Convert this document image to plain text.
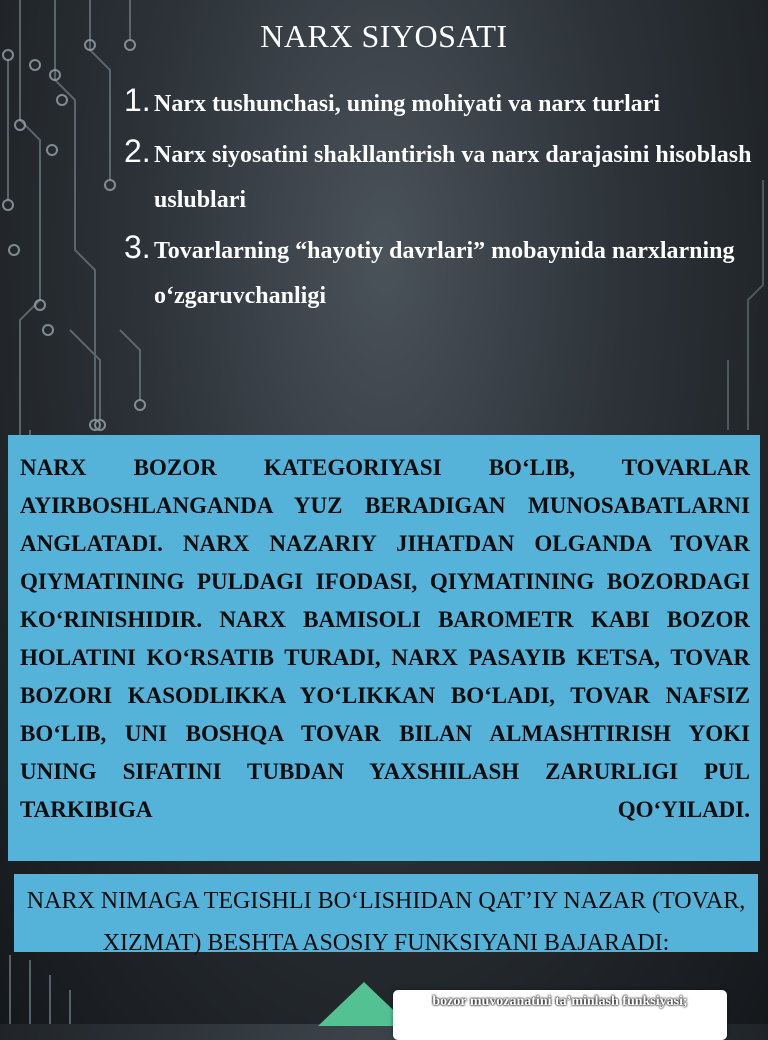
NARX SIYOSATI
1. Narx tushunchasi, uning mohiyati va narx turlari
2. Narx siyosatini shakllantirish va narx darajasini hisoblash uslublari
3. Tovarlarning “hayotiy davrlari” mobaynida narxlarning o‘zgaruvchanligi
NARX BOZOR KATEGORIYASI BO‘LIB, TOVARLAR AYIRBOSHLANGANDA YUZ BERADIGAN MUNOSABATLARNI ANGLATADI. NARX NAZARIY JIHATDAN OLGANDA TOVAR QIYMATINING PULDAGI IFODASI, QIYMATINING BOZORDAGI KO‘RINISHIDIR. NARX BAMISOLI BAROMETR KABI BOZOR HOLATINI KO‘RSATIB TURADI, NARX PASAYIB KETSA, TOVAR BOZORI KASODLIKKA YO‘LIKKAN BO‘LADI, TOVAR NAFSIZ BO‘LIB, UNI BOSHQA TOVAR BILAN ALMASHTIRISH YOKI UNING SIFATINI TUBDAN YAXSHILASH ZARURLIGI PUL TARKIBIGA QO‘YILADI.
NARX NIMAGA TEGISHLI BO‘LISHIDAN QAT’IY NAZAR (TOVAR, XIZMAT) BESHTA ASOSIY FUNKSIYANI BAJARADI:
bozor muvozanatini ta’minlash funksiyasi;
